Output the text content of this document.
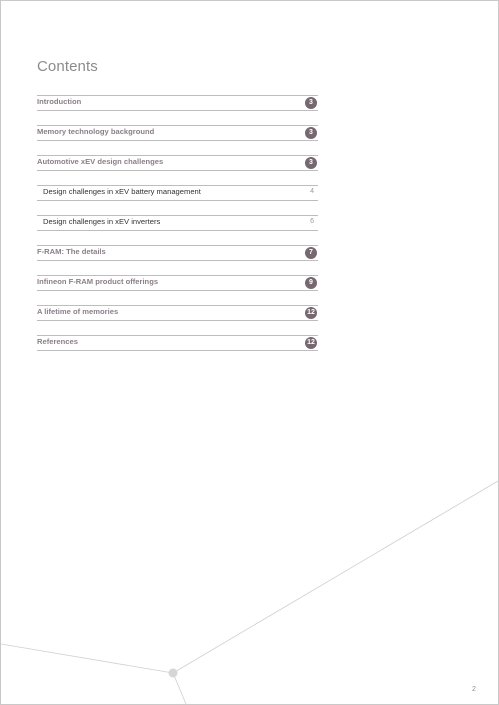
Contents
Introduction	3
Memory technology background	3
Automotive xEV design challenges	3
Design challenges in xEV battery management	4
Design challenges in xEV inverters	6
F-RAM: The details	7
Infineon F-RAM product offerings	9
A lifetime of memories	12
References	12
2
